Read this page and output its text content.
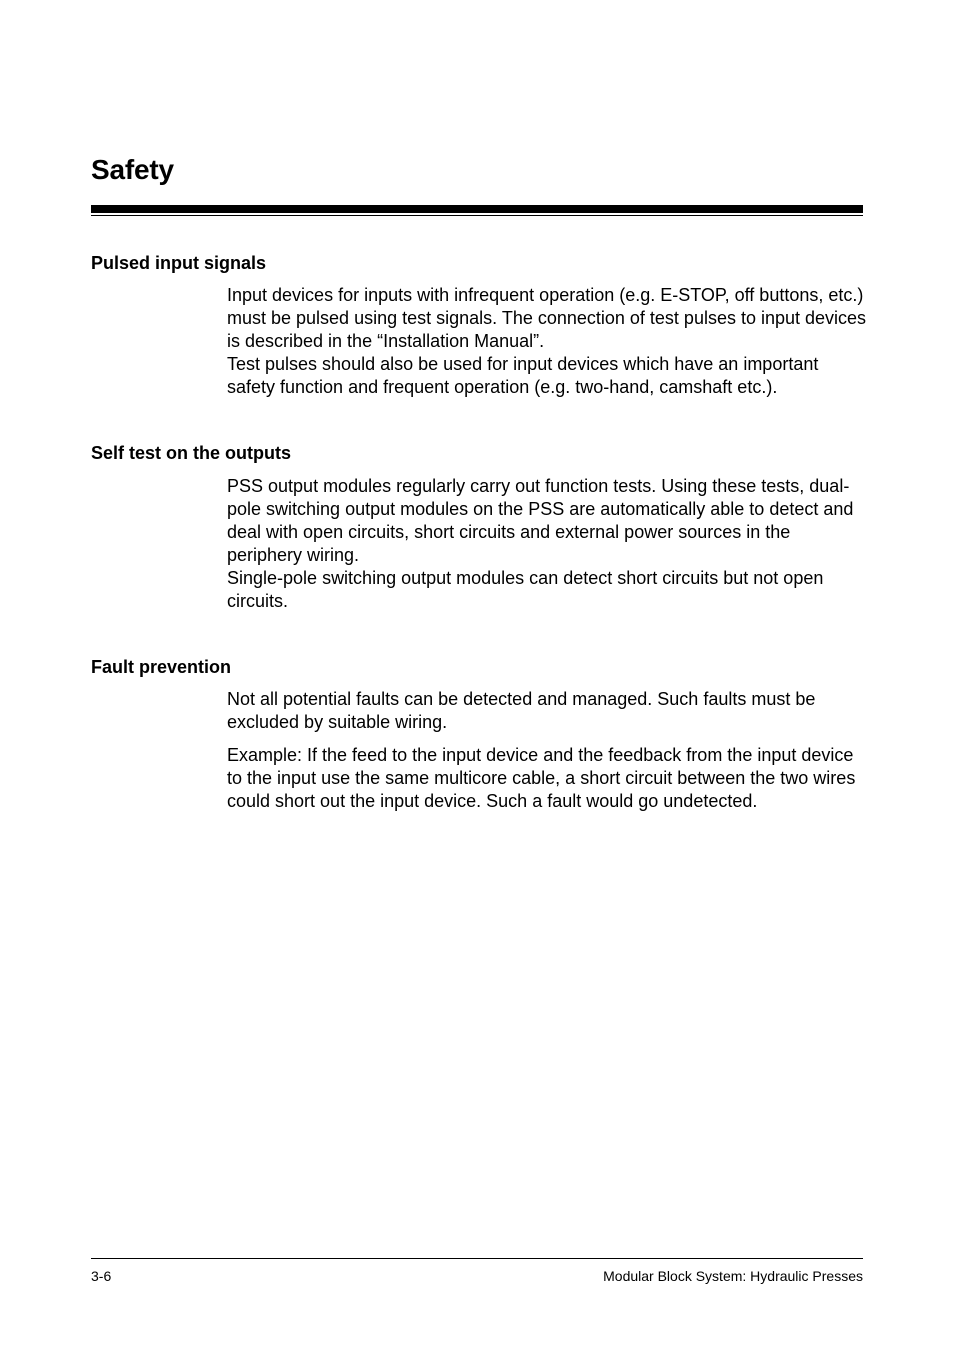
Safety
Pulsed input signals

Input devices for inputs with infrequent operation (e.g. E-STOP, off buttons, etc.) must be pulsed using test signals. The connection of test pulses to input devices is described in the “Installation Manual”.

Test pulses should also be used for input devices which have an important safety function and frequent operation (e.g. two-hand, camshaft etc.).

Self test on the outputs

PSS output modules regularly carry out function tests. Using these tests, dual-pole switching output modules on the PSS are automatically able to detect and deal with open circuits, short circuits and external power sources in the periphery wiring.

Single-pole switching output modules can detect short circuits but not open circuits.

Fault prevention

Not all potential faults can be detected and managed. Such faults must be excluded by suitable wiring.

Example: If the feed to the input device and the feedback from the input device to the input use the same multicore cable, a short circuit between the two wires could short out the input device. Such a fault would go undetected.

3-6	Modular Block System: Hydraulic Presses
